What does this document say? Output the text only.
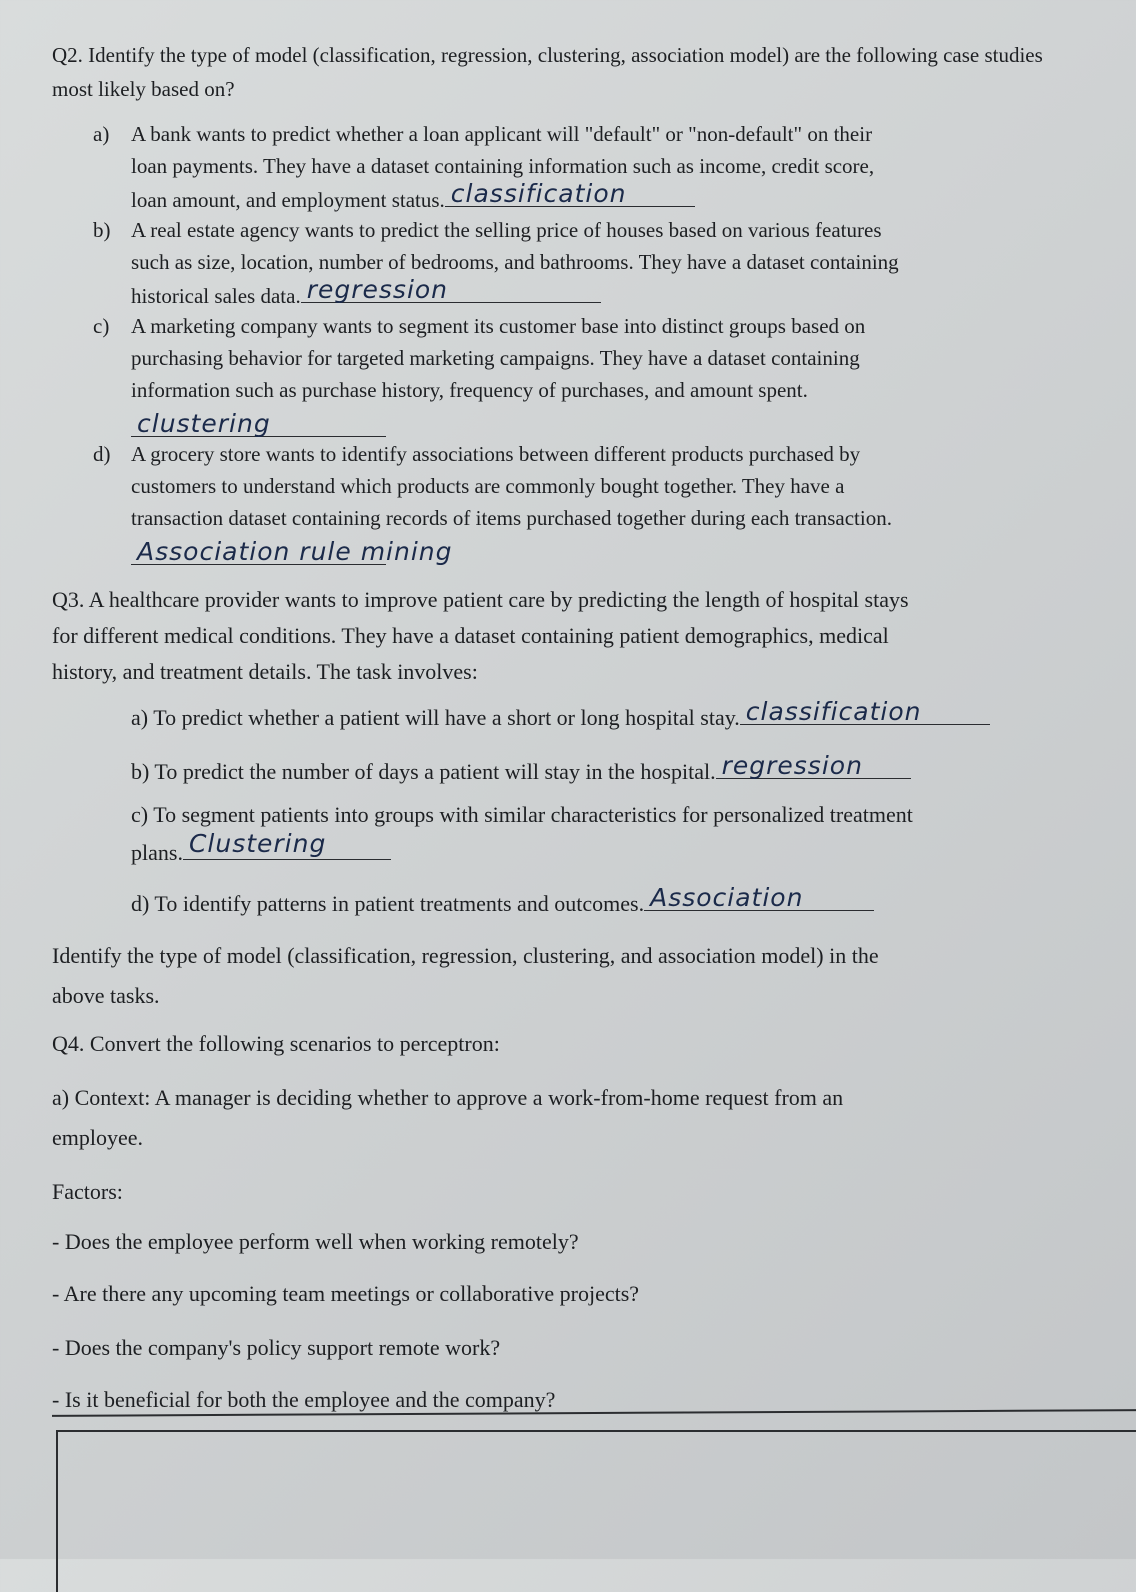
Q2. Identify the type of model (classification, regression, clustering, association model) are the following case studies most likely based on?
a) A bank wants to predict whether a loan applicant will "default" or "non-default" on their
loan payments. They have a dataset containing information such as income, credit score,
loan amount, and employment status. classification
b) A real estate agency wants to predict the selling price of houses based on various features
such as size, location, number of bedrooms, and bathrooms. They have a dataset containing
historical sales data. regression
c) A marketing company wants to segment its customer base into distinct groups based on
purchasing behavior for targeted marketing campaigns. They have a dataset containing
information such as purchase history, frequency of purchases, and amount spent.
clustering
d) A grocery store wants to identify associations between different products purchased by
customers to understand which products are commonly bought together. They have a
transaction dataset containing records of items purchased together during each transaction.
Association rule mining
Q3. A healthcare provider wants to improve patient care by predicting the length of hospital stays
for different medical conditions. They have a dataset containing patient demographics, medical
history, and treatment details. The task involves:
a) To predict whether a patient will have a short or long hospital stay. classification
b) To predict the number of days a patient will stay in the hospital. regression
c) To segment patients into groups with similar characteristics for personalized treatment
plans. Clustering
d) To identify patterns in patient treatments and outcomes. Association
Identify the type of model (classification, regression, clustering, and association model) in the
above tasks.
Q4. Convert the following scenarios to perceptron:
a) Context: A manager is deciding whether to approve a work-from-home request from an
employee.
Factors:
- Does the employee perform well when working remotely?
- Are there any upcoming team meetings or collaborative projects?
- Does the company's policy support remote work?
- Is it beneficial for both the employee and the company?
